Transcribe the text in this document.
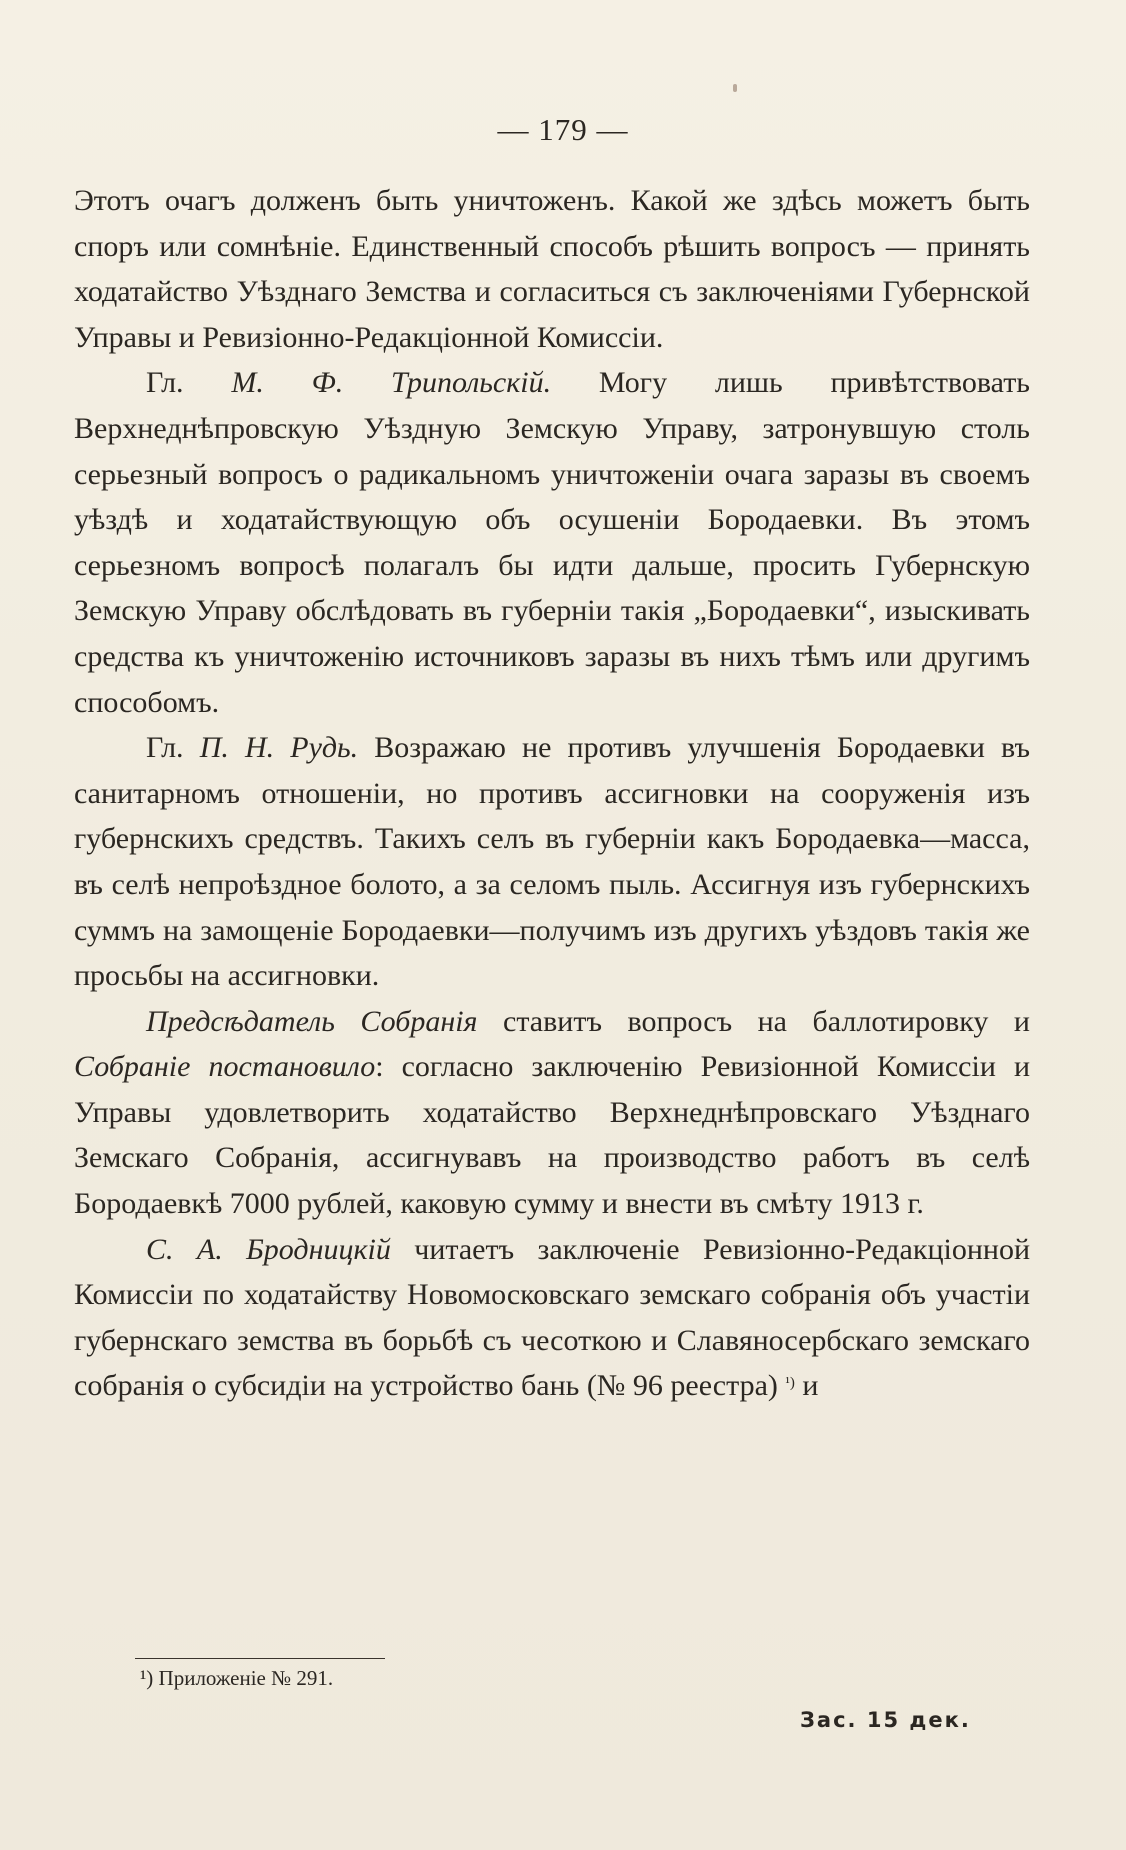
— 179 —

Этотъ очагъ долженъ быть уничтоженъ. Какой же здѣсь можетъ быть споръ или сомнѣніе. Единственный способъ рѣшить вопросъ — принять ходатайство Уѣзднаго Земства и согласиться съ заключеніями Губернской Управы и Ревизіонно-Редакціонной Комиссіи.

Гл. М. Ф. Трипольскій. Могу лишь привѣтствовать Верхнеднѣпровскую Уѣздную Земскую Управу, затронувшую столь серьезный вопросъ о радикальномъ уничтоженіи очага заразы въ своемъ уѣздѣ и ходатайствующую объ осушеніи Бородаевки. Въ этомъ серьезномъ вопросѣ полагалъ бы идти дальше, просить Губернскую Земскую Управу обслѣдовать въ губерніи такія „Бородаевки“, изыскивать средства къ уничтоженію источниковъ заразы въ нихъ тѣмъ или другимъ способомъ.

Гл. П. Н. Рудь. Возражаю не противъ улучшенія Бородаевки въ санитарномъ отношеніи, но противъ ассигновки на сооруженія изъ губернскихъ средствъ. Такихъ селъ въ губерніи какъ Бородаевка—масса, въ селѣ непроѣздное болото, а за селомъ пыль. Ассигнуя изъ губернскихъ суммъ на замощеніе Бородаевки—получимъ изъ другихъ уѣздовъ такія же просьбы на ассигновки.

Предсѣдатель Собранія ставитъ вопросъ на баллотировку и Собраніе постановило: согласно заключенію Ревизіонной Комиссіи и Управы удовлетворить ходатайство Верхнеднѣпровскаго Уѣзднаго Земскаго Собранія, ассигнувавъ на производство работъ въ селѣ Бородаевкѣ 7000 рублей, каковую сумму и внести въ смѣту 1913 г.

С. А. Бродницкій читаетъ заключеніе Ревизіонно-Редакціонной Комиссіи по ходатайству Новомосковскаго земскаго собранія объ участіи губернскаго земства въ борьбѣ съ чесоткою и Славяносербскаго земскаго собранія о субсидіи на устройство бань (№ 96 реестра) $^{^1)}$ и

¹) Приложеніе № 291.
Зас. 15 дек.
